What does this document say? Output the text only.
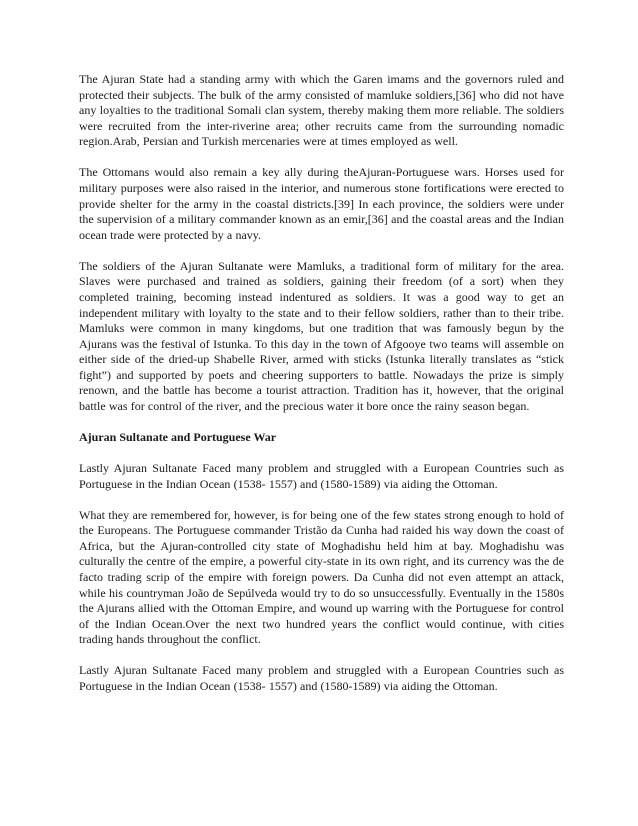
The Ajuran State had a standing army with which the Garen imams and the governors ruled and protected their subjects. The bulk of the army consisted of mamluke soldiers,[36] who did not have any loyalties to the traditional Somali clan system, thereby making them more reliable. The soldiers were recruited from the inter-riverine area; other recruits came from the surrounding nomadic region.Arab, Persian and Turkish mercenaries were at times employed as well.

The Ottomans would also remain a key ally during theAjuran-Portuguese wars. Horses used for military purposes were also raised in the interior, and numerous stone fortifications were erected to provide shelter for the army in the coastal districts.[39] In each province, the soldiers were under the supervision of a military commander known as an emir,[36] and the coastal areas and the Indian ocean trade were protected by a navy.

The soldiers of the Ajuran Sultanate were Mamluks, a traditional form of military for the area. Slaves were purchased and trained as soldiers, gaining their freedom (of a sort) when they completed training, becoming instead indentured as soldiers. It was a good way to get an independent military with loyalty to the state and to their fellow soldiers, rather than to their tribe. Mamluks were common in many kingdoms, but one tradition that was famously begun by the Ajurans was the festival of Istunka. To this day in the town of Afgooye two teams will assemble on either side of the dried-up Shabelle River, armed with sticks (Istunka literally translates as “stick fight”) and supported by poets and cheering supporters to battle. Nowadays the prize is simply renown, and the battle has become a tourist attraction. Tradition has it, however, that the original battle was for control of the river, and the precious water it bore once the rainy season began.

Ajuran Sultanate and Portuguese War

Lastly Ajuran Sultanate Faced many problem and struggled with a European Countries such as Portuguese in the Indian Ocean (1538- 1557) and (1580-1589) via aiding the Ottoman.

What they are remembered for, however, is for being one of the few states strong enough to hold of the Europeans. The Portuguese commander Tristão da Cunha had raided his way down the coast of Africa, but the Ajuran-controlled city state of Moghadishu held him at bay. Moghadishu was culturally the centre of the empire, a powerful city-state in its own right, and its currency was the de facto trading scrip of the empire with foreign powers. Da Cunha did not even attempt an attack, while his countryman João de Sepúlveda would try to do so unsuccessfully. Eventually in the 1580s the Ajurans allied with the Ottoman Empire, and wound up warring with the Portuguese for control of the Indian Ocean.Over the next two hundred years the conflict would continue, with cities trading hands throughout the conflict.

Lastly Ajuran Sultanate Faced many problem and struggled with a European Countries such as Portuguese in the Indian Ocean (1538- 1557) and (1580-1589) via aiding the Ottoman.
